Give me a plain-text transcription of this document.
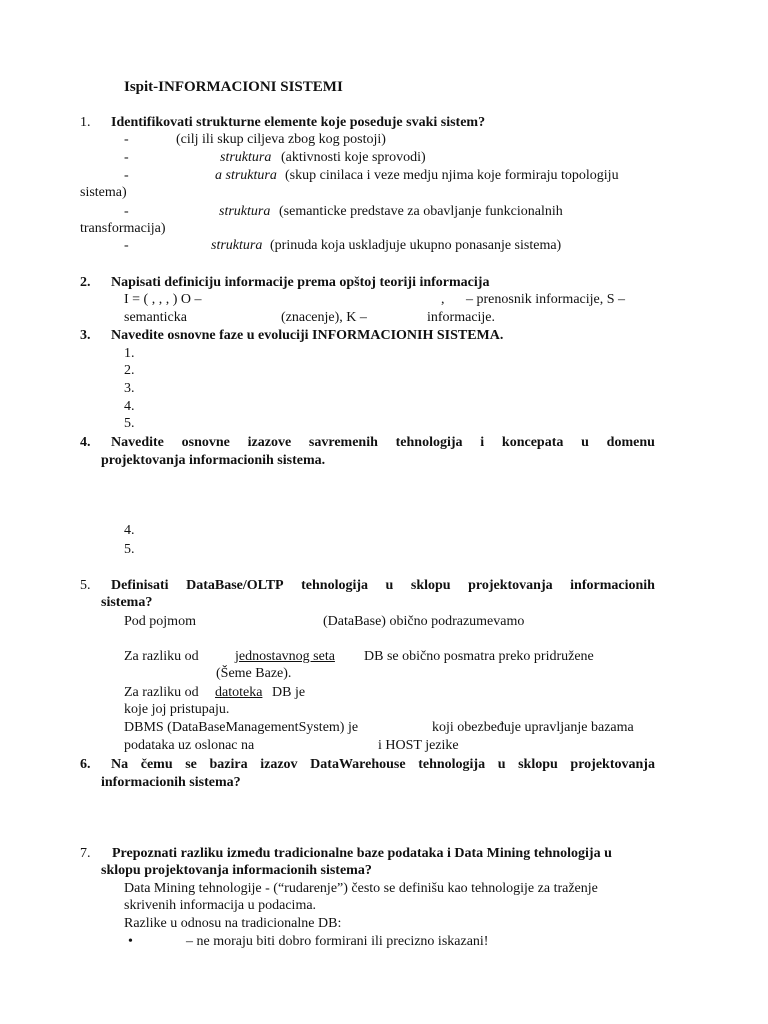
Ispit-INFORMACIONI SISTEMI
1. Identifikovati strukturne elemente koje poseduje svaki sistem?
-	(cilj ili skup ciljeva zbog kog postoji)
-	struktura (aktivnosti koje sprovodi)
-	a struktura (skup cinilaca i veze medju njima koje formiraju topologiju
sistema)
-	struktura (semanticke predstave za obavljanje funkcionalnih
transformacija)
-	struktura (prinuda koja uskladjuje ukupno ponasanje sistema)
2. Napisati definiciju informacije prema opštoj teoriji informacija
I = ( , , , ) O –	, – prenosnik informacije, S –
semanticka	(znacenje), K –	informacije.
3. Navedite osnovne faze u evoluciji INFORMACIONIH SISTEMA.
1.
2.
3.
4.
5.
4. Navedite osnovne izazove savremenih tehnologija i koncepata u domenu
projektovanja informacionih sistema.
4.
5.
5. Definisati DataBase/OLTP tehnologija u sklopu projektovanja informacionih
sistema?
Pod pojmom	(DataBase) obično podrazumevamo
Za razliku od	jednostavnog seta DB se obično posmatra preko pridružene
(Šeme Baze).
Za razliku od datoteka DB je
koje joj pristupaju.
DBMS (DataBaseManagementSystem) je	koji obezbeđuje upravljanje bazama
podataka uz oslonac na	i HOST jezike
6. Na čemu se bazira izazov DataWarehouse tehnologija u sklopu projektovanja
informacionih sistema?
7. Prepoznati razliku između tradicionalne baze podataka i Data Mining tehnologija u
sklopu projektovanja informacionih sistema?
Data Mining tehnologije - (“rudarenje”) često se definišu kao tehnologije za traženje
skrivenih informacija u podacima.
Razlike u odnosu na tradicionalne DB:
•	– ne moraju biti dobro formirani ili precizno iskazani!
